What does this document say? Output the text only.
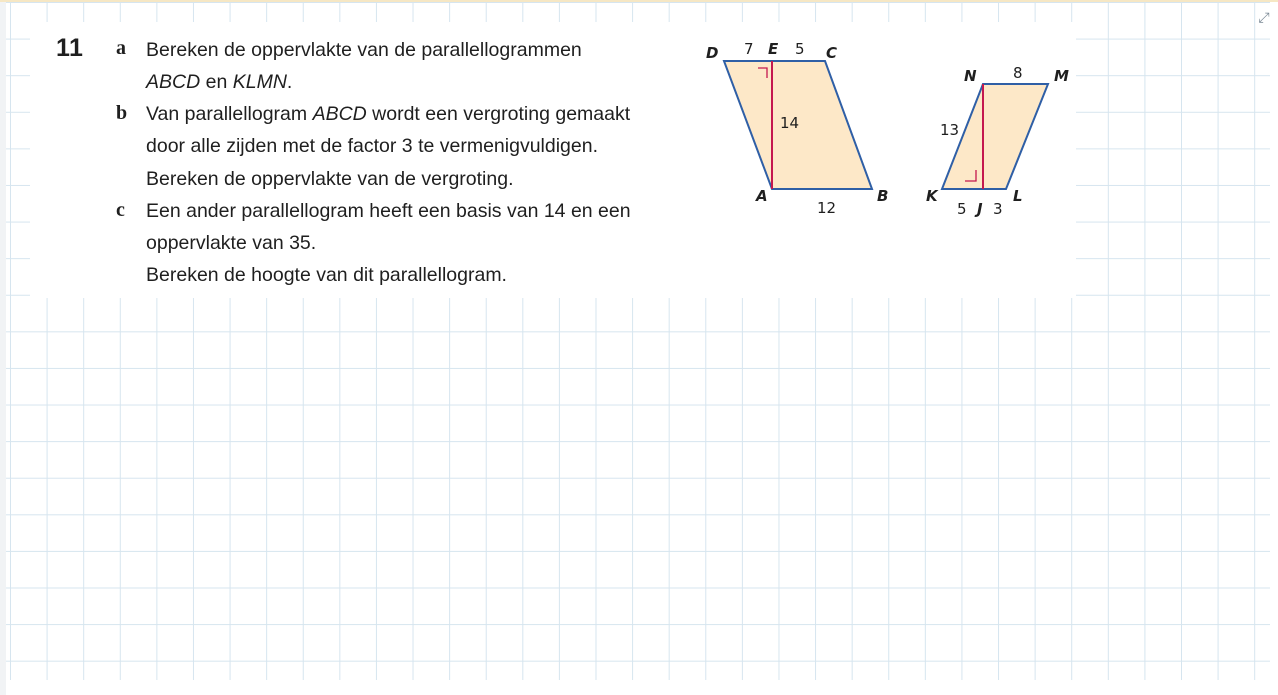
⤢
11 a Bereken de oppervlakte van de parallellogrammen
ABCD en KLMN.
b Van parallellogram ABCD wordt een vergroting gemaakt
door alle zijden met de factor 3 te vermenigvuldigen.
Bereken de oppervlakte van de vergroting.
c Een ander parallellogram heeft een basis van 14 en een
oppervlakte van 35.
Bereken de hoogte van dit parallellogram.
D 7 E 5 C
14
A
12
B
N 8 M
13
K
5 J 3
L
